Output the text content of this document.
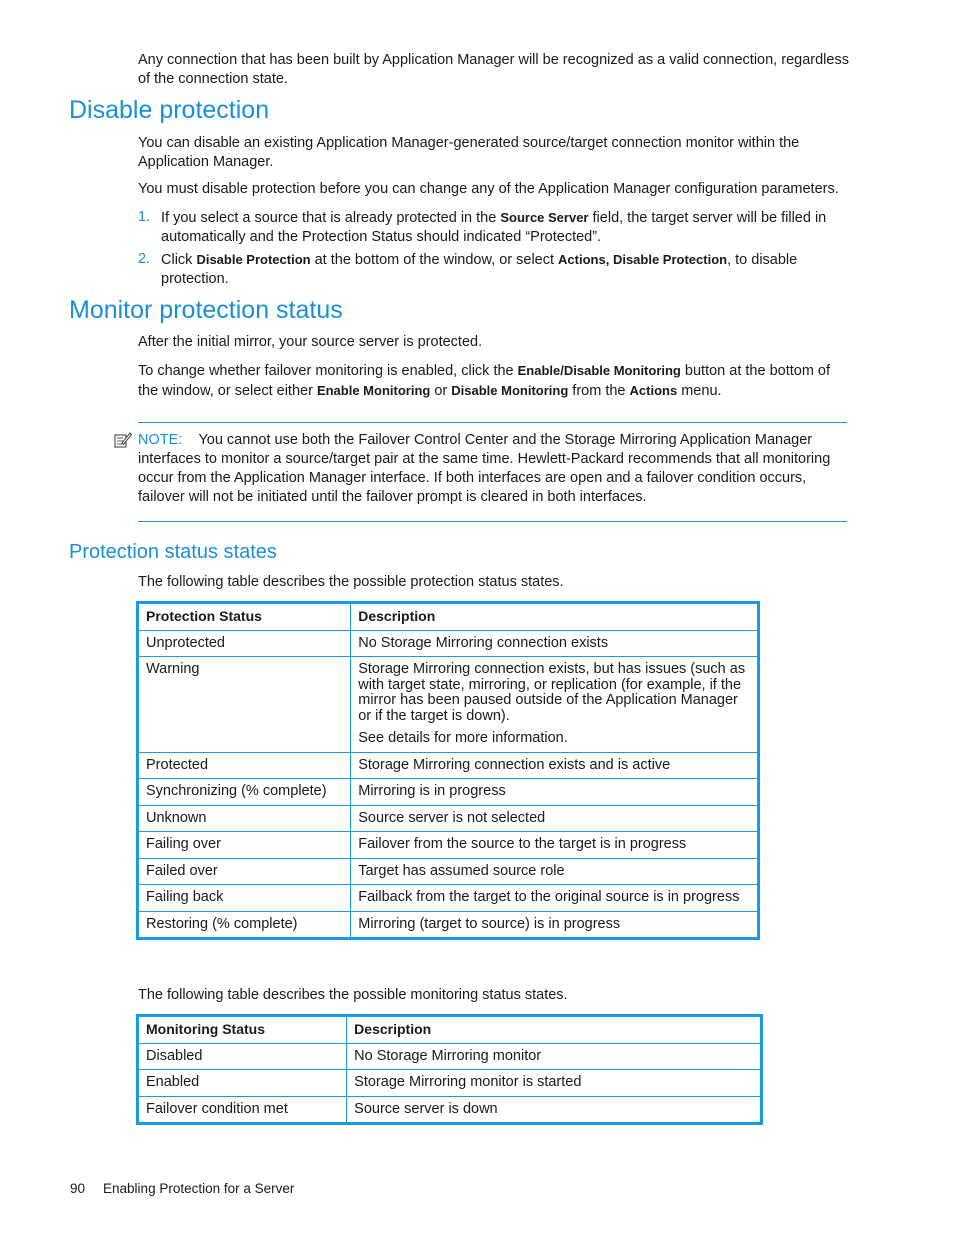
Any connection that has been built by Application Manager will be recognized as a valid connection, regardless of the connection state.

Disable protection

You can disable an existing Application Manager-generated source/target connection monitor within the Application Manager.

You must disable protection before you can change any of the Application Manager configuration parameters.

1. If you select a source that is already protected in the Source Server field, the target server will be filled in automatically and the Protection Status should indicated “Protected”.
2. Click Disable Protection at the bottom of the window, or select Actions, Disable Protection, to disable protection.
Monitor protection status

After the initial mirror, your source server is protected.

To change whether failover monitoring is enabled, click the Enable/Disable Monitoring button at the bottom of the window, or select either Enable Monitoring or Disable Monitoring from the Actions menu.

NOTE: You cannot use both the Failover Control Center and the Storage Mirroring Application Manager interfaces to monitor a source/target pair at the same time. Hewlett-Packard recommends that all monitoring occur from the Application Manager interface. If both interfaces are open and a failover condition occurs, failover will not be initiated until the failover prompt is cleared in both interfaces.

Protection status states

The following table describes the possible protection status states.

Protection Status	Description
Unprotected	No Storage Mirroring connection exists
Warning	Storage Mirroring connection exists, but has issues (such as with target state, mirroring, or replication (for example, if the mirror has been paused outside of the Application Manager or if the target is down).

See details for more information.

Protected	Storage Mirroring connection exists and is active
Synchronizing (% complete)	Mirroring is in progress
Unknown	Source server is not selected
Failing over	Failover from the source to the target is in progress
Failed over	Target has assumed source role
Failing back	Failback from the target to the original source is in progress
Restoring (% complete)	Mirroring (target to source) is in progress

The following table describes the possible monitoring status states.

Monitoring Status	Description
Disabled	No Storage Mirroring monitor
Enabled	Storage Mirroring monitor is started
Failover condition met	Source server is down
90 Enabling Protection for a Server
